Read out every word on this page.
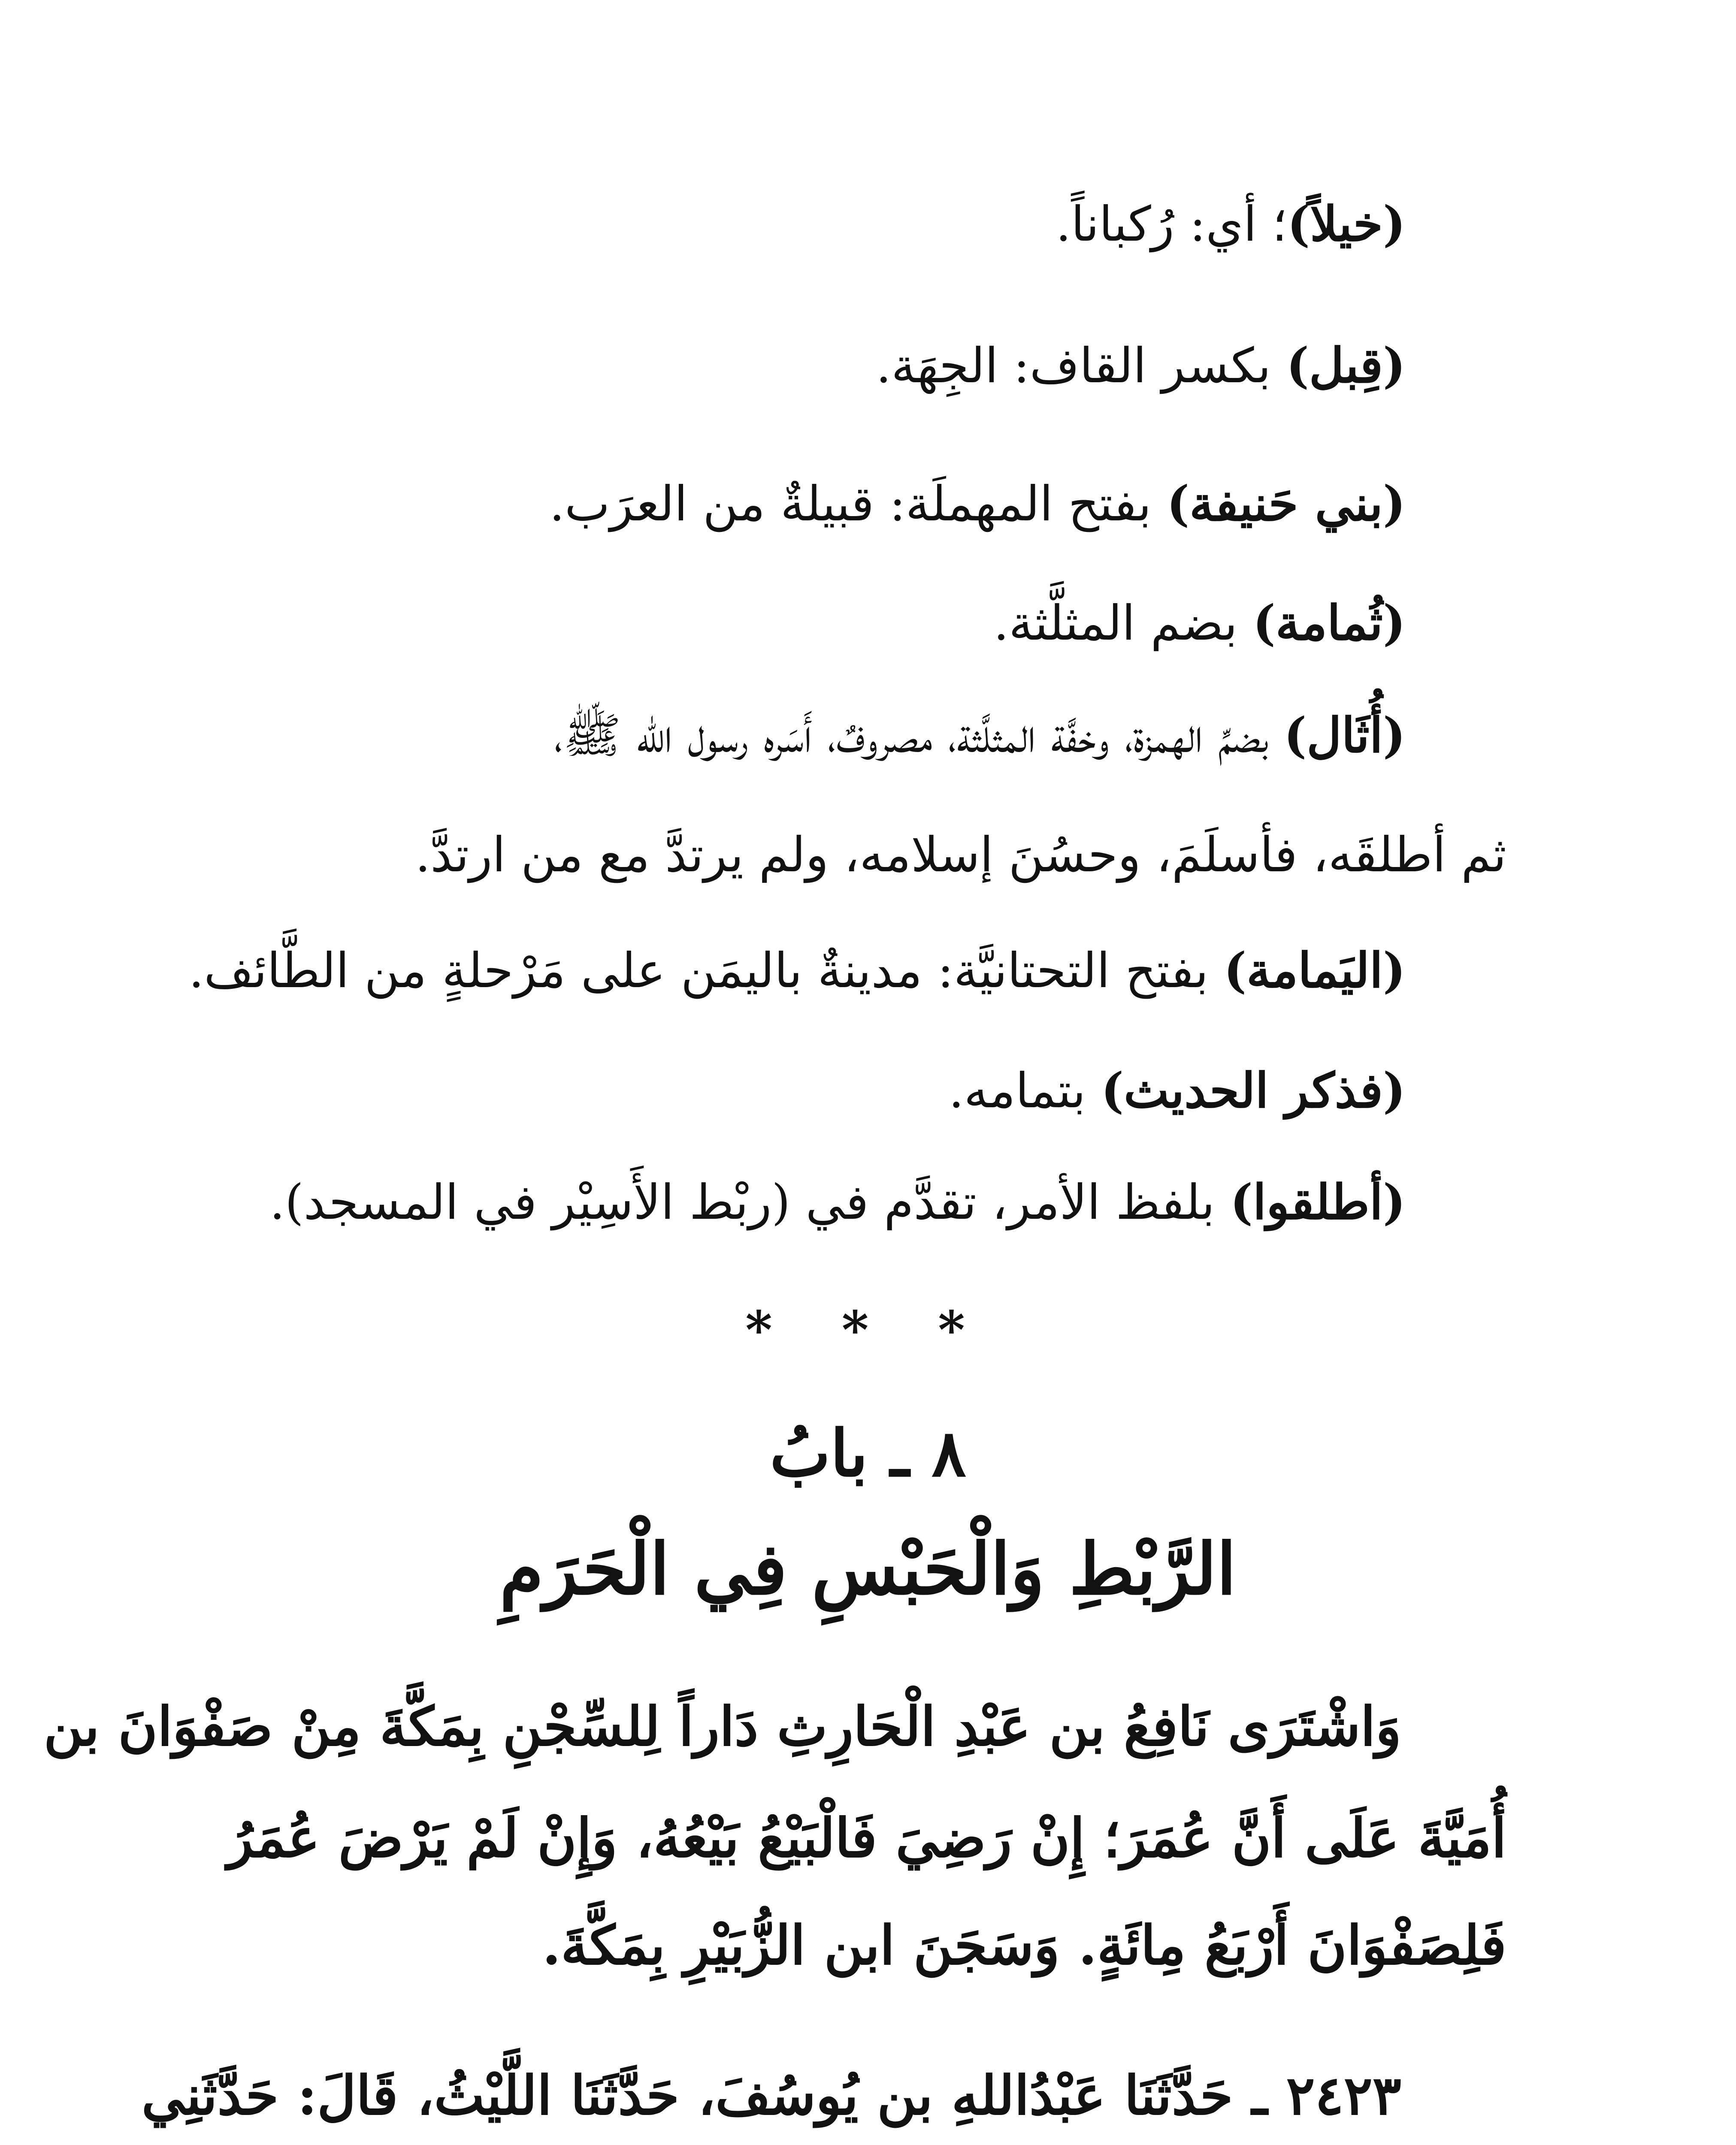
(خيلاً)؛ أي: رُكباناً.
(قِبل) بكسر القاف: الجِهَة.
(بني حَنيفة) بفتح المهملَة: قبيلةٌ من العرَب.
(ثُمامة) بضم المثلَّثة.
(أُثَال) بضمِّ الهمزة، وخفَّة المثلَّثة، مصروفٌ، أَسَره رسول الله ﷺ،
ثم أطلقَه، فأسلَمَ، وحسُنَ إسلامه، ولم يرتدَّ مع من ارتدَّ.
(اليَمامة) بفتح التحتانيَّة: مدينةٌ باليمَن على مَرْحلةٍ من الطَّائف.
(فذكر الحديث) بتمامه.
(أطلقوا) بلفظ الأمر، تقدَّم في (ربْط الأَسِيْر في المسجد).
* * *
٨ ـ بابُ
الرَّبْطِ وَالْحَبْسِ فِي الْحَرَمِ
وَاشْتَرَى نَافِعُ بن عَبْدِ الْحَارِثِ دَاراً لِلسِّجْنِ بِمَكَّةَ مِنْ صَفْوَانَ بن
أُمَيَّةَ عَلَى أَنَّ عُمَرَ؛ إِنْ رَضِيَ فَالْبَيْعُ بَيْعُهُ، وَإِنْ لَمْ يَرْضَ عُمَرُ
فَلِصَفْوَانَ أَرْبَعُ مِائَةٍ. وَسَجَنَ ابن الزُّبَيْرِ بِمَكَّةَ.
٢٤٢٣ ـ حَدَّثَنَا عَبْدُاللهِ بن يُوسُفَ، حَدَّثَنَا اللَّيْثُ، قَالَ: حَدَّثَنِي
